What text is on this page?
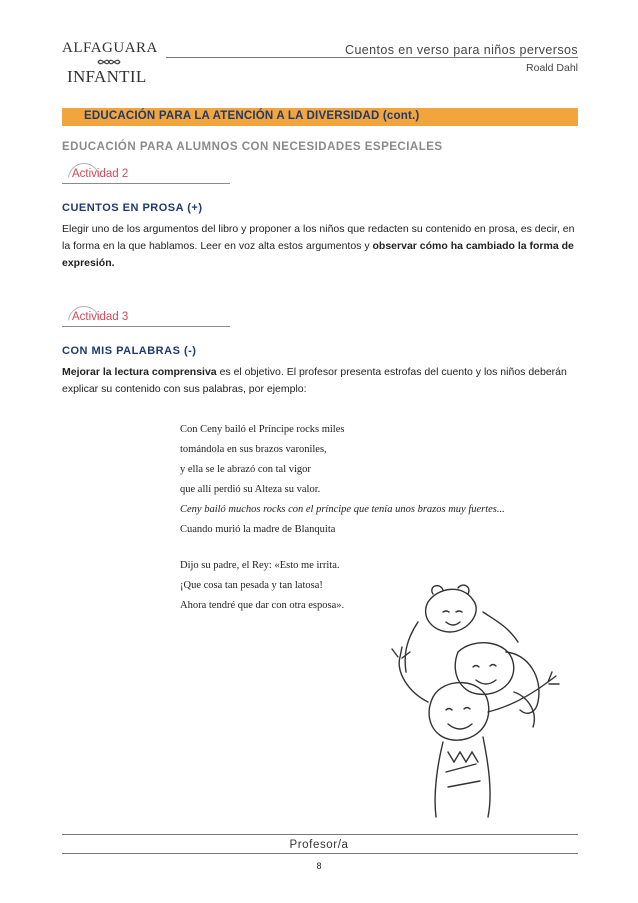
ALFAGUARA
INFANTIL
Cuentos en verso para niños perversos
Roald Dahl
EDUCACIÓN PARA LA ATENCIÓN A LA DIVERSIDAD (cont.)
EDUCACIÓN PARA ALUMNOS CON NECESIDADES ESPECIALES
Actividad 2
CUENTOS EN PROSA (+)
Elegir uno de los argumentos del libro y proponer a los niños que redacten su contenido en prosa, es decir, en la forma en la que hablamos. Leer en voz alta estos argumentos y observar cómo ha cambiado la forma de expresión.
Actividad 3
CON MIS PALABRAS (-)
Mejorar la lectura comprensiva es el objetivo. El profesor presenta estrofas del cuento y los niños deberán explicar su contenido con sus palabras, por ejemplo:
Con Ceny bailó el Príncipe rocks miles
tomándola en sus brazos varoniles,
y ella se le abrazó con tal vigor
que allí perdió su Alteza su valor.
Ceny bailó muchos rocks con el príncipe que tenía unos brazos muy fuertes...
Cuando murió la madre de Blanquita
Dijo su padre, el Rey: «Esto me irrita.
¡Que cosa tan pesada y tan latosa!
Ahora tendré que dar con otra esposa».
Profesor/a
8
